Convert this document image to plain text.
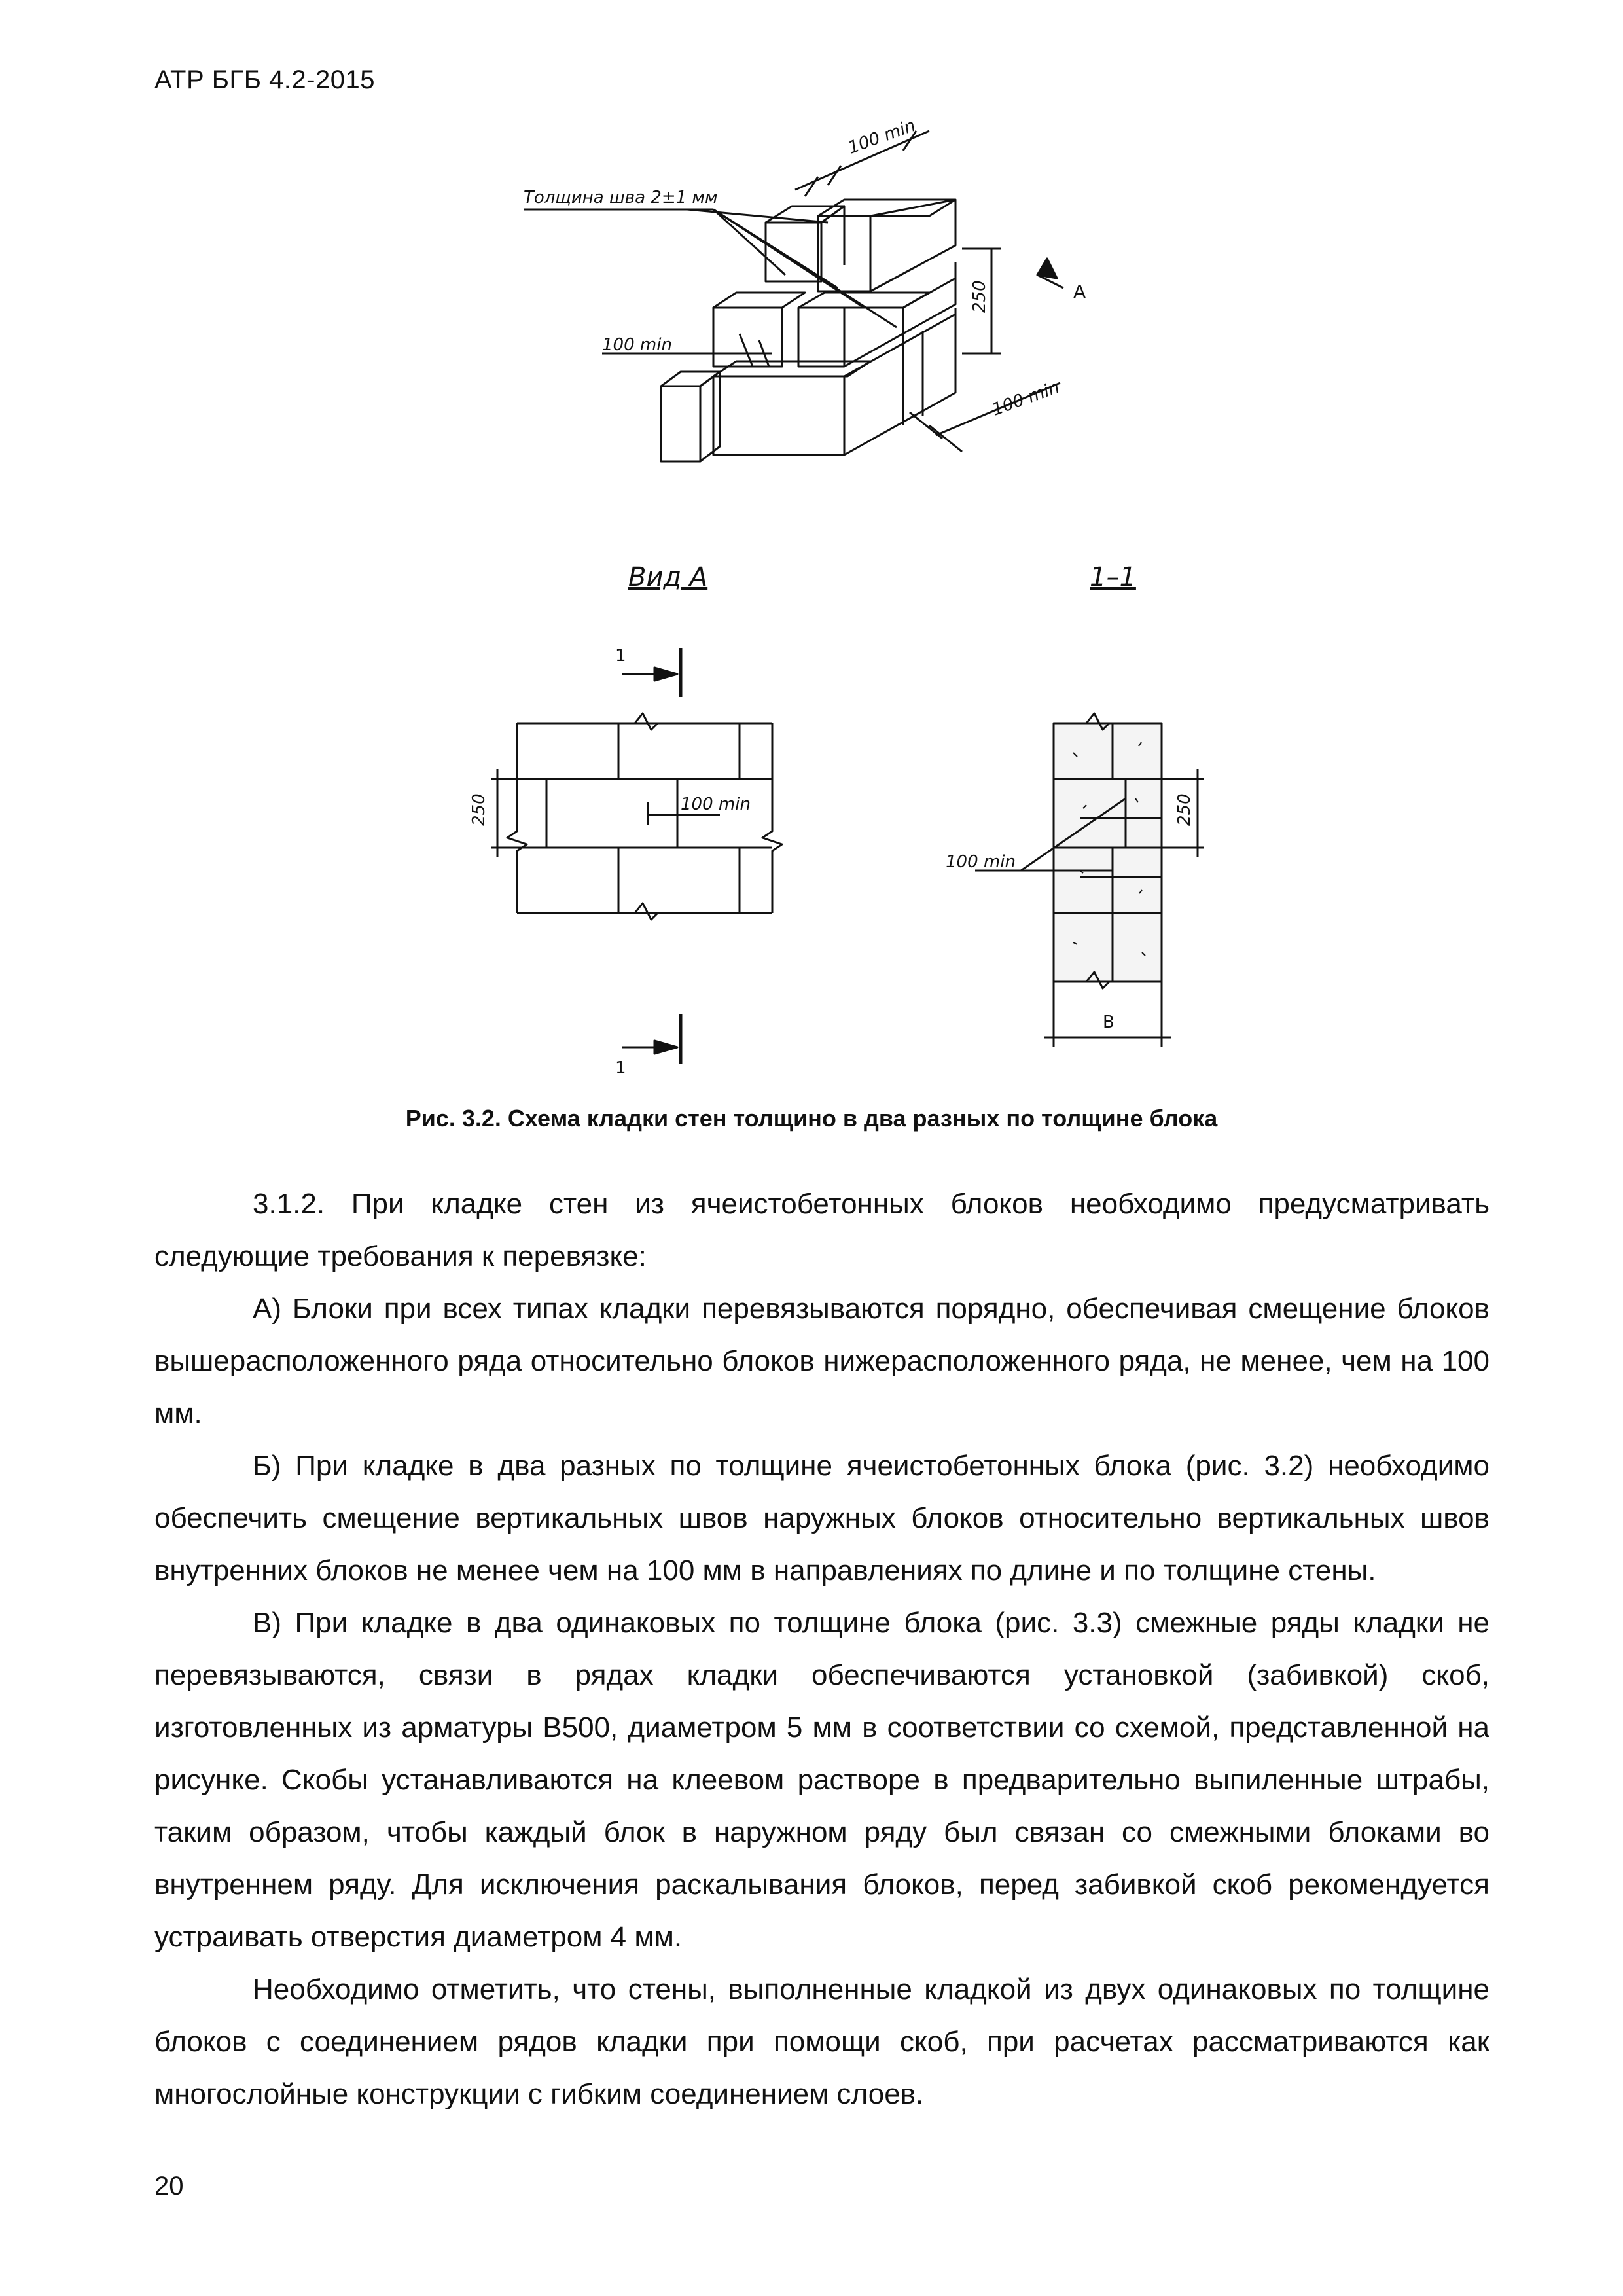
АТР БГБ 4.2-2015
Толщина шва 2±1 мм
100 min
100 min
100 min
250	А
Вид А	1–1
1
1
250	100 min	250
100 min
В
Рис. 3.2. Схема кладки стен толщино в два разных по толщине блока

3.1.2. При кладке стен из ячеистобетонных блоков необходимо предусматривать следующие требования к перевязке:

А) Блоки при всех типах кладки перевязываются порядно, обеспечивая смещение блоков вышерасположенного ряда относительно блоков нижерасположенного ряда, не менее, чем на 100 мм.

Б) При кладке в два разных по толщине ячеистобетонных блока (рис. 3.2) необходимо обеспечить смещение вертикальных швов наружных блоков относительно вертикальных швов внутренних блоков не менее чем на 100 мм в направлениях по длине и по толщине стены.

В) При кладке в два одинаковых по толщине блока (рис. 3.3) смежные ряды кладки не перевязываются, связи в рядах кладки обеспечиваются установкой (забивкой) скоб, изготовленных из арматуры В500, диаметром 5 мм в соответствии со схемой, представленной на рисунке. Скобы устанавливаются на клеевом растворе в предварительно выпиленные штрабы, таким образом, чтобы каждый блок в наружном ряду был связан со смежными блоками во внутреннем ряду. Для исключения раскалывания блоков, перед забивкой скоб рекомендуется устраивать отверстия диаметром 4 мм.

Необходимо отметить, что стены, выполненные кладкой из двух одинаковых по толщине блоков с соединением рядов кладки при помощи скоб, при расчетах рассматриваются как многослойные конструкции с гибким соединением слоев.

20
